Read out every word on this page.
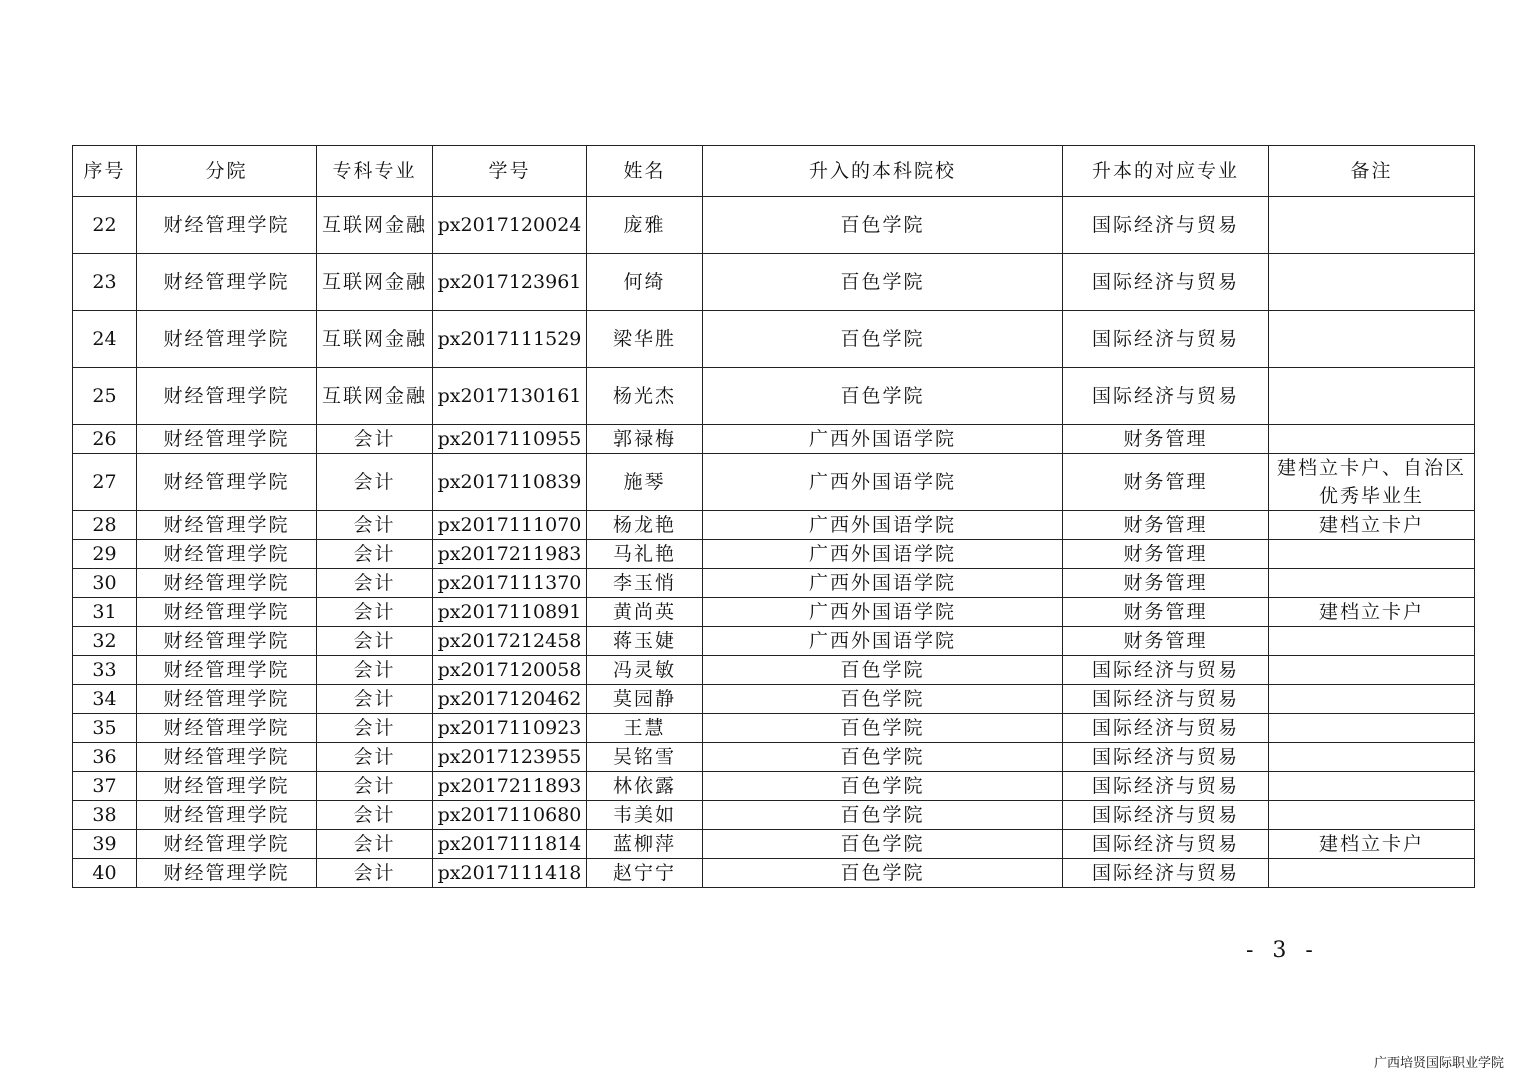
序号	分院	专科专业	学号	姓名	升入的本科院校	升本的对应专业	备注
22	财经管理学院	互联网金融	px2017120024	庞雅	百色学院	国际经济与贸易	
23	财经管理学院	互联网金融	px2017123961	何绮	百色学院	国际经济与贸易	
24	财经管理学院	互联网金融	px2017111529	梁华胜	百色学院	国际经济与贸易	
25	财经管理学院	互联网金融	px2017130161	杨光杰	百色学院	国际经济与贸易	
26	财经管理学院	会计	px2017110955	郭禄梅	广西外国语学院	财务管理	
27	财经管理学院	会计	px2017110839	施琴	广西外国语学院	财务管理	建档立卡户、自治区优秀毕业生
28	财经管理学院	会计	px2017111070	杨龙艳	广西外国语学院	财务管理	建档立卡户
29	财经管理学院	会计	px2017211983	马礼艳	广西外国语学院	财务管理	
30	财经管理学院	会计	px2017111370	李玉悄	广西外国语学院	财务管理	
31	财经管理学院	会计	px2017110891	黄尚英	广西外国语学院	财务管理	建档立卡户
32	财经管理学院	会计	px2017212458	蒋玉婕	广西外国语学院	财务管理	
33	财经管理学院	会计	px2017120058	冯灵敏	百色学院	国际经济与贸易	
34	财经管理学院	会计	px2017120462	莫园静	百色学院	国际经济与贸易	
35	财经管理学院	会计	px2017110923	王慧	百色学院	国际经济与贸易	
36	财经管理学院	会计	px2017123955	吴铭雪	百色学院	国际经济与贸易	
37	财经管理学院	会计	px2017211893	林依露	百色学院	国际经济与贸易	
38	财经管理学院	会计	px2017110680	韦美如	百色学院	国际经济与贸易	
39	财经管理学院	会计	px2017111814	蓝柳萍	百色学院	国际经济与贸易	建档立卡户
40	财经管理学院	会计	px2017111418	赵宁宁	百色学院	国际经济与贸易	
- 3 -
广西培贤国际职业学院
